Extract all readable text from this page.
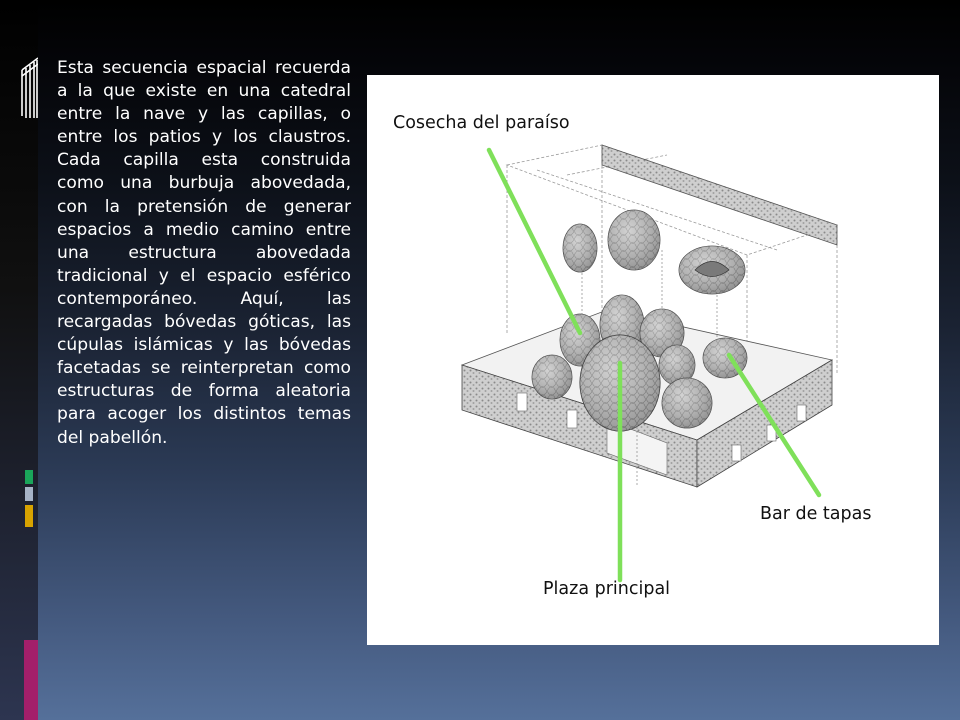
Esta secuencia espacial recuerda a la que existe en una catedral entre la nave y las capillas, o entre los patios y los claustros. Cada capilla esta construida como una burbuja abovedada, con la pretensión de generar espacios a medio camino entre una estructura abovedada tradicional y el espacio esférico contemporáneo. Aquí, las recargadas bóvedas góticas, las cúpulas islámicas y las bóvedas facetadas se reinterpretan como estructuras de forma aleatoria para acoger los distintos temas del pabellón.

Cosecha del paraíso
Bar de tapas
Plaza principal
